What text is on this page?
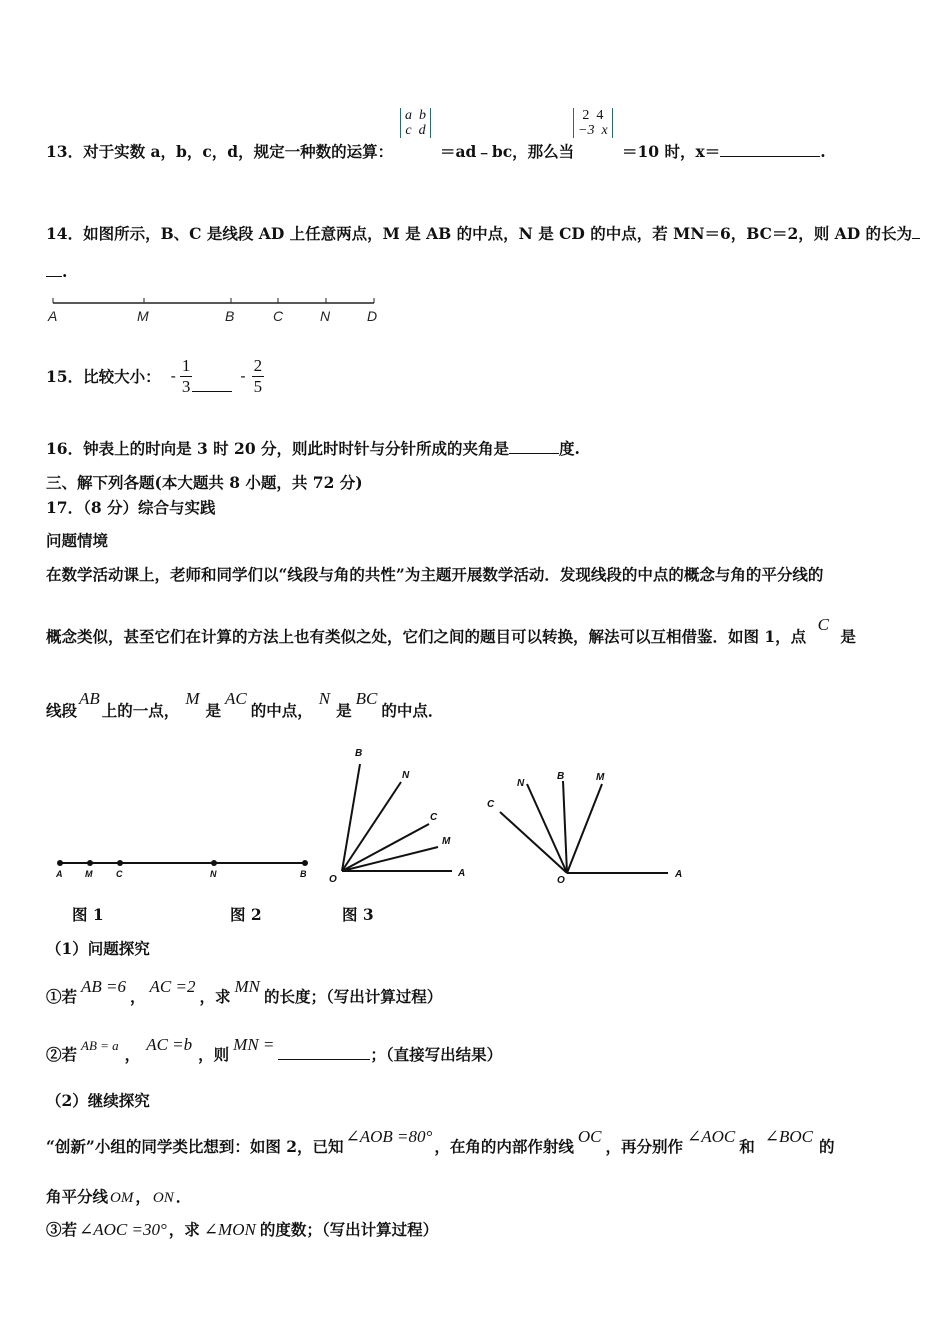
13．对于实数 a，b，c，d，规定一种数的运算：
a  b
c  d
＝ad﹣bc，那么当
2  4
−3  x
＝10 时，x＝	.
14．如图所示，B、C 是线段 AD 上任意两点，M 是 AB 的中点，N 是 CD 的中点，若 MN＝6，BC＝2，则 AD 的长为
.
A	M	B	C	N	D
15．比较大小： - $\frac{1}{3}$	- $\frac{2}{5}$
16．钟表上的时向是 3 时 20 分，则此时时针与分针所成的夹角是	度.
三、解下列各题(本大题共 8 小题，共 72 分)
17．（8 分）综合与实践
问题情境
在数学活动课上，老师和同学们以“线段与角的共性”为主题开展数学活动．发现线段的中点的概念与角的平分线的
概念类似，甚至它们在计算的方法上也有类似之处，它们之间的题目可以转换，解法可以互相借鉴．如图 1，点 C 是
线段AB上的一点，M是AC的中点，N是BC的中点．
A	M	C	N	B
B
N
C
M
O
A
N
B	M
C
O
A
图 1	图 2	图 3
（1）问题探究
①若AB =6，AC =2，求MN的长度；（写出计算过程）
②若 $^{AB = a}$ ，AC =b，则MN =；（直接写出结果）
（2）继续探究
“创新”小组的同学类比想到：如图 2，已知∠AOB =80°，在角的内部作射线OC，再分别作∠AOC和∠BOC的
角平分线 OM ， ON ．
③若 ∠AOC =30° ，求 ∠MON 的度数；（写出计算过程）
